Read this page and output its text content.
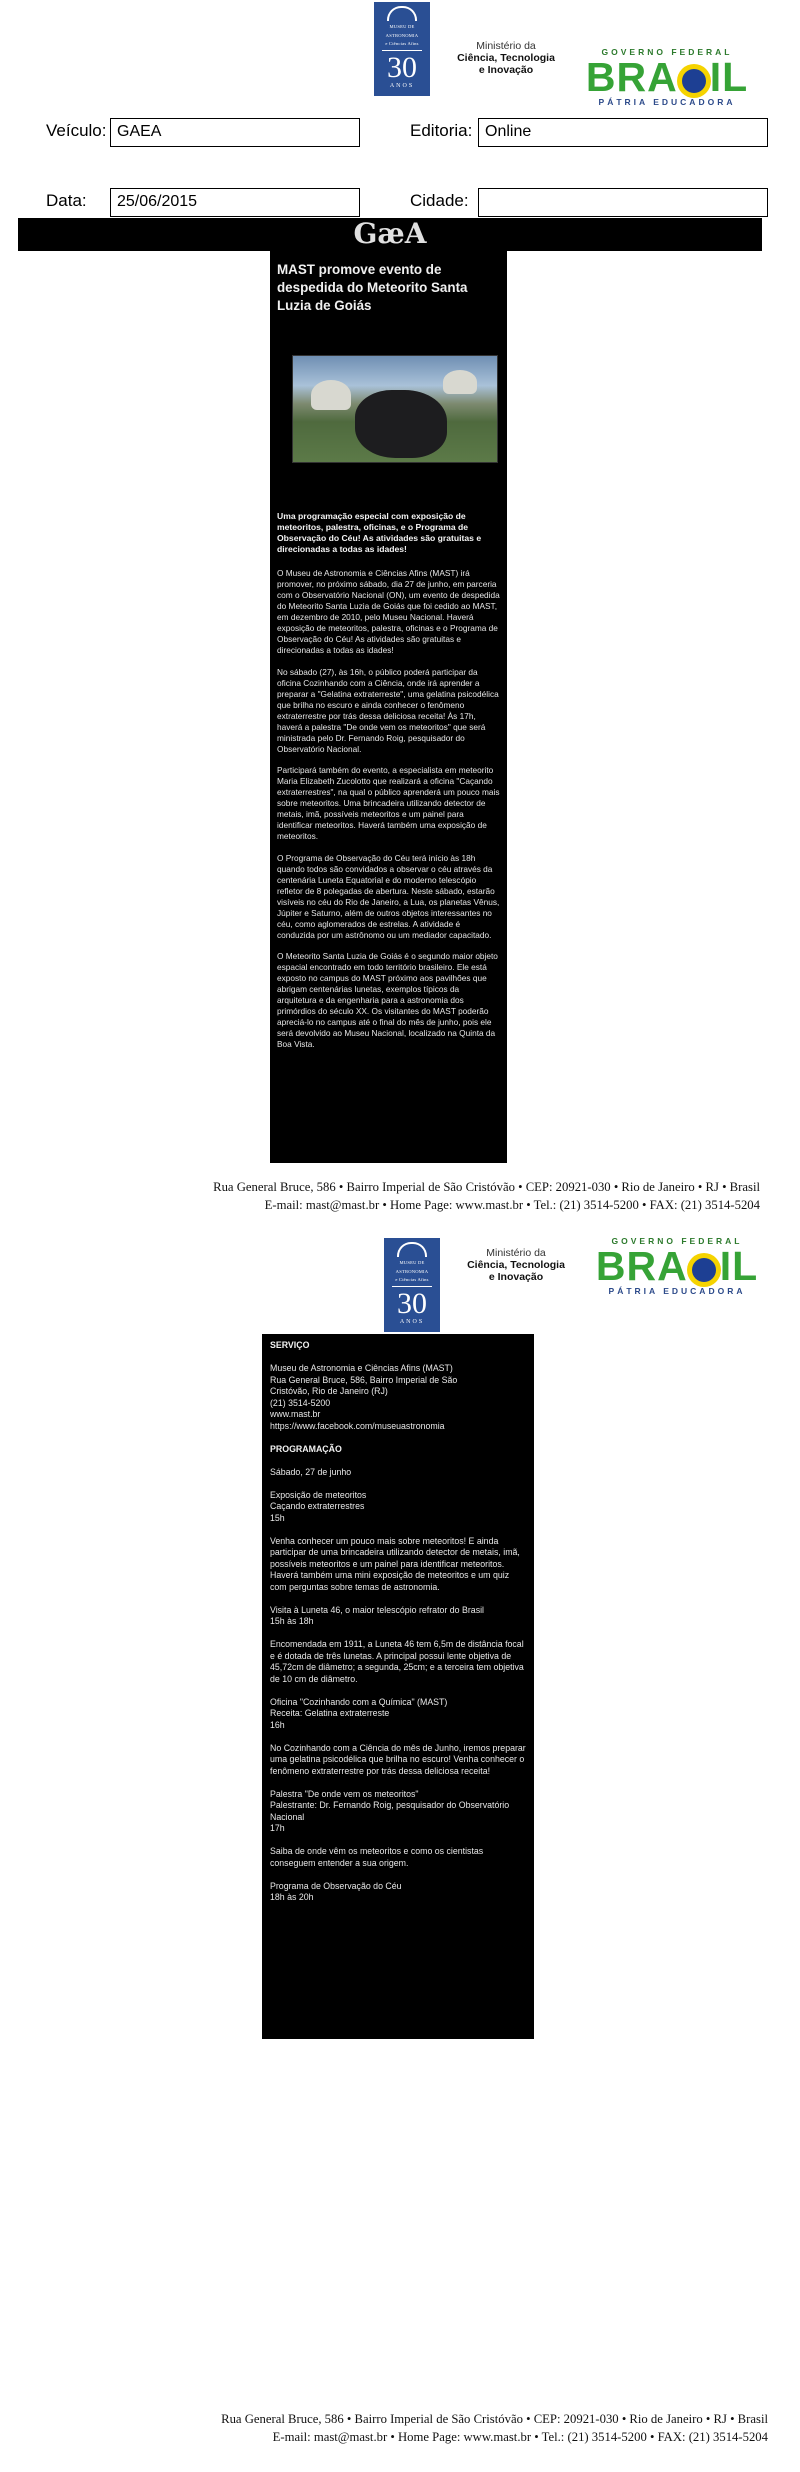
MUSEU DE
ASTRONOMIA
e Ciências Afins
30
ANOS
Ministério da
Ciência, Tecnologia
e Inovação
GOVERNO FEDERAL
BRA IL
PÁTRIA EDUCADORA
Veículo: GAEA	Editoria: Online
Data:	25/06/2015	Cidade:
GæA
MAST promove evento de despedida do Meteorito Santa Luzia de Goiás

Uma programação especial com exposição de meteoritos, palestra, oficinas, e o Programa de Observação do Céu! As atividades são gratuitas e direcionadas a todas as idades!

O Museu de Astronomia e Ciências Afins (MAST) irá promover, no próximo sábado, dia 27 de junho, em parceria com o Observatório Nacional (ON), um evento de despedida do Meteorito Santa Luzia de Goiás que foi cedido ao MAST, em dezembro de 2010, pelo Museu Nacional. Haverá exposição de meteoritos, palestra, oficinas e o Programa de Observação do Céu! As atividades são gratuitas e direcionadas a todas as idades!

No sábado (27), às 16h, o público poderá participar da oficina Cozinhando com a Ciência, onde irá aprender a preparar a "Gelatina extraterreste", uma gelatina psicodélica que brilha no escuro e ainda conhecer o fenômeno extraterrestre por trás dessa deliciosa receita! Às 17h, haverá a palestra "De onde vem os meteoritos" que será ministrada pelo Dr. Fernando Roig, pesquisador do Observatório Nacional.

Participará também do evento, a especialista em meteorito Maria Elizabeth Zucolotto que realizará a oficina "Caçando extraterrestres", na qual o público aprenderá um pouco mais sobre meteoritos. Uma brincadeira utilizando detector de metais, imã, possíveis meteoritos e um painel para identificar meteoritos. Haverá também uma exposição de meteoritos.

O Programa de Observação do Céu terá início às 18h quando todos são convidados a observar o céu através da centenária Luneta Equatorial e do moderno telescópio refletor de 8 polegadas de abertura. Neste sábado, estarão visíveis no céu do Rio de Janeiro, a Lua, os planetas Vênus, Júpiter e Saturno, além de outros objetos interessantes no céu, como aglomerados de estrelas. A atividade é conduzida por um astrônomo ou um mediador capacitado.

O Meteorito Santa Luzia de Goiás é o segundo maior objeto espacial encontrado em todo território brasileiro. Ele está exposto no campus do MAST próximo aos pavilhões que abrigam centenárias lunetas, exemplos típicos da arquitetura e da engenharia para a astronomia dos primórdios do século XX. Os visitantes do MAST poderão apreciá-lo no campus até o final do mês de junho, pois ele será devolvido ao Museu Nacional, localizado na Quinta da Boa Vista.

Rua General Bruce, 586 • Bairro Imperial de São Cristóvão • CEP: 20921-030 • Rio de Janeiro • RJ • Brasil
E-mail: mast@mast.br • Home Page: www.mast.br • Tel.: (21) 3514-5200 • FAX: (21) 3514-5204
MUSEU DE
ASTRONOMIA
e Ciências Afins
30
ANOS
Ministério da
Ciência, Tecnologia
e Inovação
GOVERNO FEDERAL
BRA IL
PÁTRIA EDUCADORA

SERVIÇO

Museu de Astronomia e Ciências Afins (MAST)
Rua General Bruce, 586, Bairro Imperial de São
Cristóvão, Rio de Janeiro (RJ)
(21) 3514-5200
www.mast.br
https://www.facebook.com/museuastronomia

PROGRAMAÇÃO

Sábado, 27 de junho

Exposição de meteoritos
Caçando extraterrestres
15h

Venha conhecer um pouco mais sobre meteoritos! E ainda participar de uma brincadeira utilizando detector de metais, imã, possíveis meteoritos e um painel para identificar meteoritos. Haverá também uma mini exposição de meteoritos e um quiz com perguntas sobre temas de astronomia.

Visita à Luneta 46, o maior telescópio refrator do Brasil
15h às 18h

Encomendada em 1911, a Luneta 46 tem 6,5m de distância focal e é dotada de três lunetas. A principal possui lente objetiva de 45,72cm de diâmetro; a segunda, 25cm; e a terceira tem objetiva de 10 cm de diâmetro.

Oficina "Cozinhando com a Química" (MAST)
Receita: Gelatina extraterreste
16h

No Cozinhando com a Ciência do mês de Junho, iremos preparar uma gelatina psicodélica que brilha no escuro! Venha conhecer o fenômeno extraterrestre por trás dessa deliciosa receita!

Palestra "De onde vem os meteoritos"
Palestrante: Dr. Fernando Roig, pesquisador do Observatório Nacional
17h

Saiba de onde vêm os meteoritos e como os cientistas conseguem entender a sua origem.

Programa de Observação do Céu
18h às 20h

Rua General Bruce, 586 • Bairro Imperial de São Cristóvão • CEP: 20921-030 • Rio de Janeiro • RJ • Brasil
E-mail: mast@mast.br • Home Page: www.mast.br • Tel.: (21) 3514-5200 • FAX: (21) 3514-5204
